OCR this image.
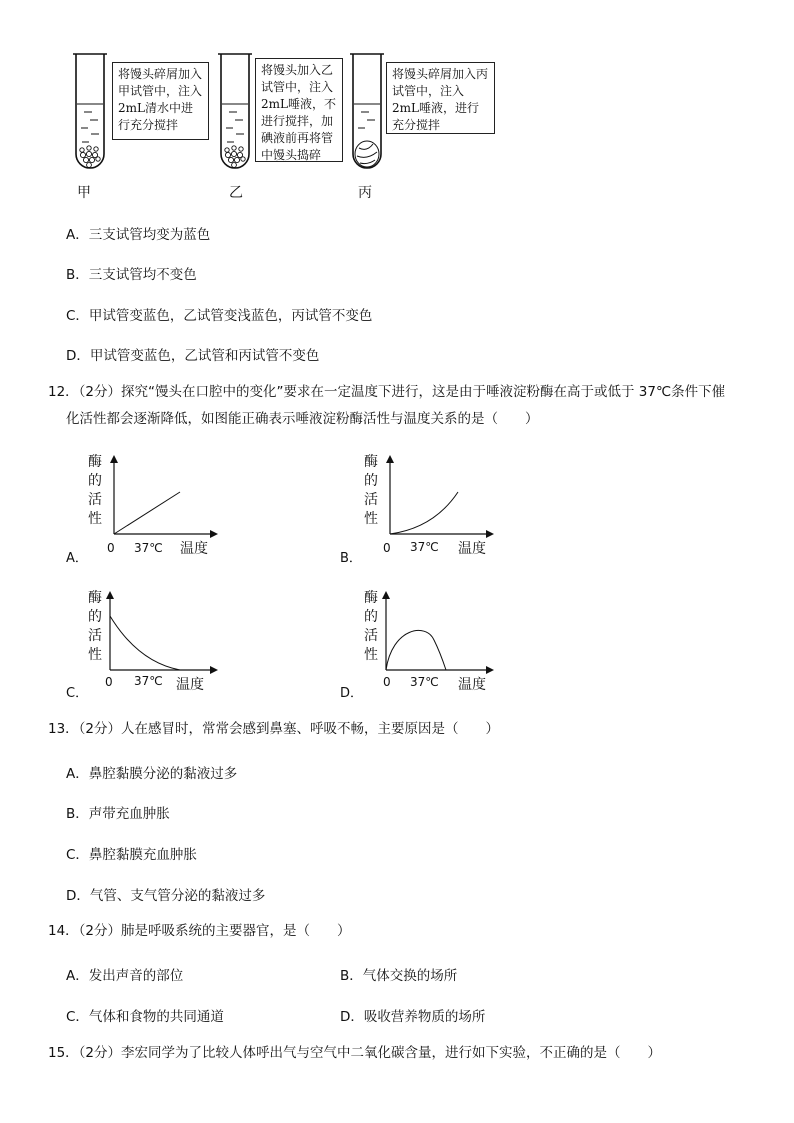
将馒头碎屑加入甲试管中，注入2mL清水中进行充分搅拌
甲
将馒头加入乙试管中，注入2mL唾液，不进行搅拌，加碘液前再将管中馒头捣碎
乙
将馒头碎屑加入丙试管中，注入2mL唾液，进行充分搅拌
丙
A．三支试管均变为蓝色
B．三支试管均不变色
C．甲试管变蓝色，乙试管变浅蓝色，丙试管不变色
D．甲试管变蓝色，乙试管和丙试管不变色
12．（2分）探究“馒头在口腔中的变化”要求在一定温度下进行，这是由于唾液淀粉酶在高于或低于 37℃条件下催
化活性都会逐渐降低，如图能正确表示唾液淀粉酶活性与温度关系的是（　　）
A．
酶
的
活
性
0 37℃ 温度
B．
酶
的
活
性
0 37℃ 温度
C．
酶
的
活
性
0 37℃ 温度
D．
酶
的
活
性
0 37℃ 温度
13．（2分）人在感冒时，常常会感到鼻塞、呼吸不畅，主要原因是（　　）
A．鼻腔黏膜分泌的黏液过多
B．声带充血肿胀
C．鼻腔黏膜充血肿胀
D．气管、支气管分泌的黏液过多
14．（2分）肺是呼吸系统的主要器官，是（　　）
A．发出声音的部位	B．气体交换的场所
C．气体和食物的共同通道	D．吸收营养物质的场所
15．（2分）李宏同学为了比较人体呼出气与空气中二氧化碳含量，进行如下实验，不正确的是（　　）
